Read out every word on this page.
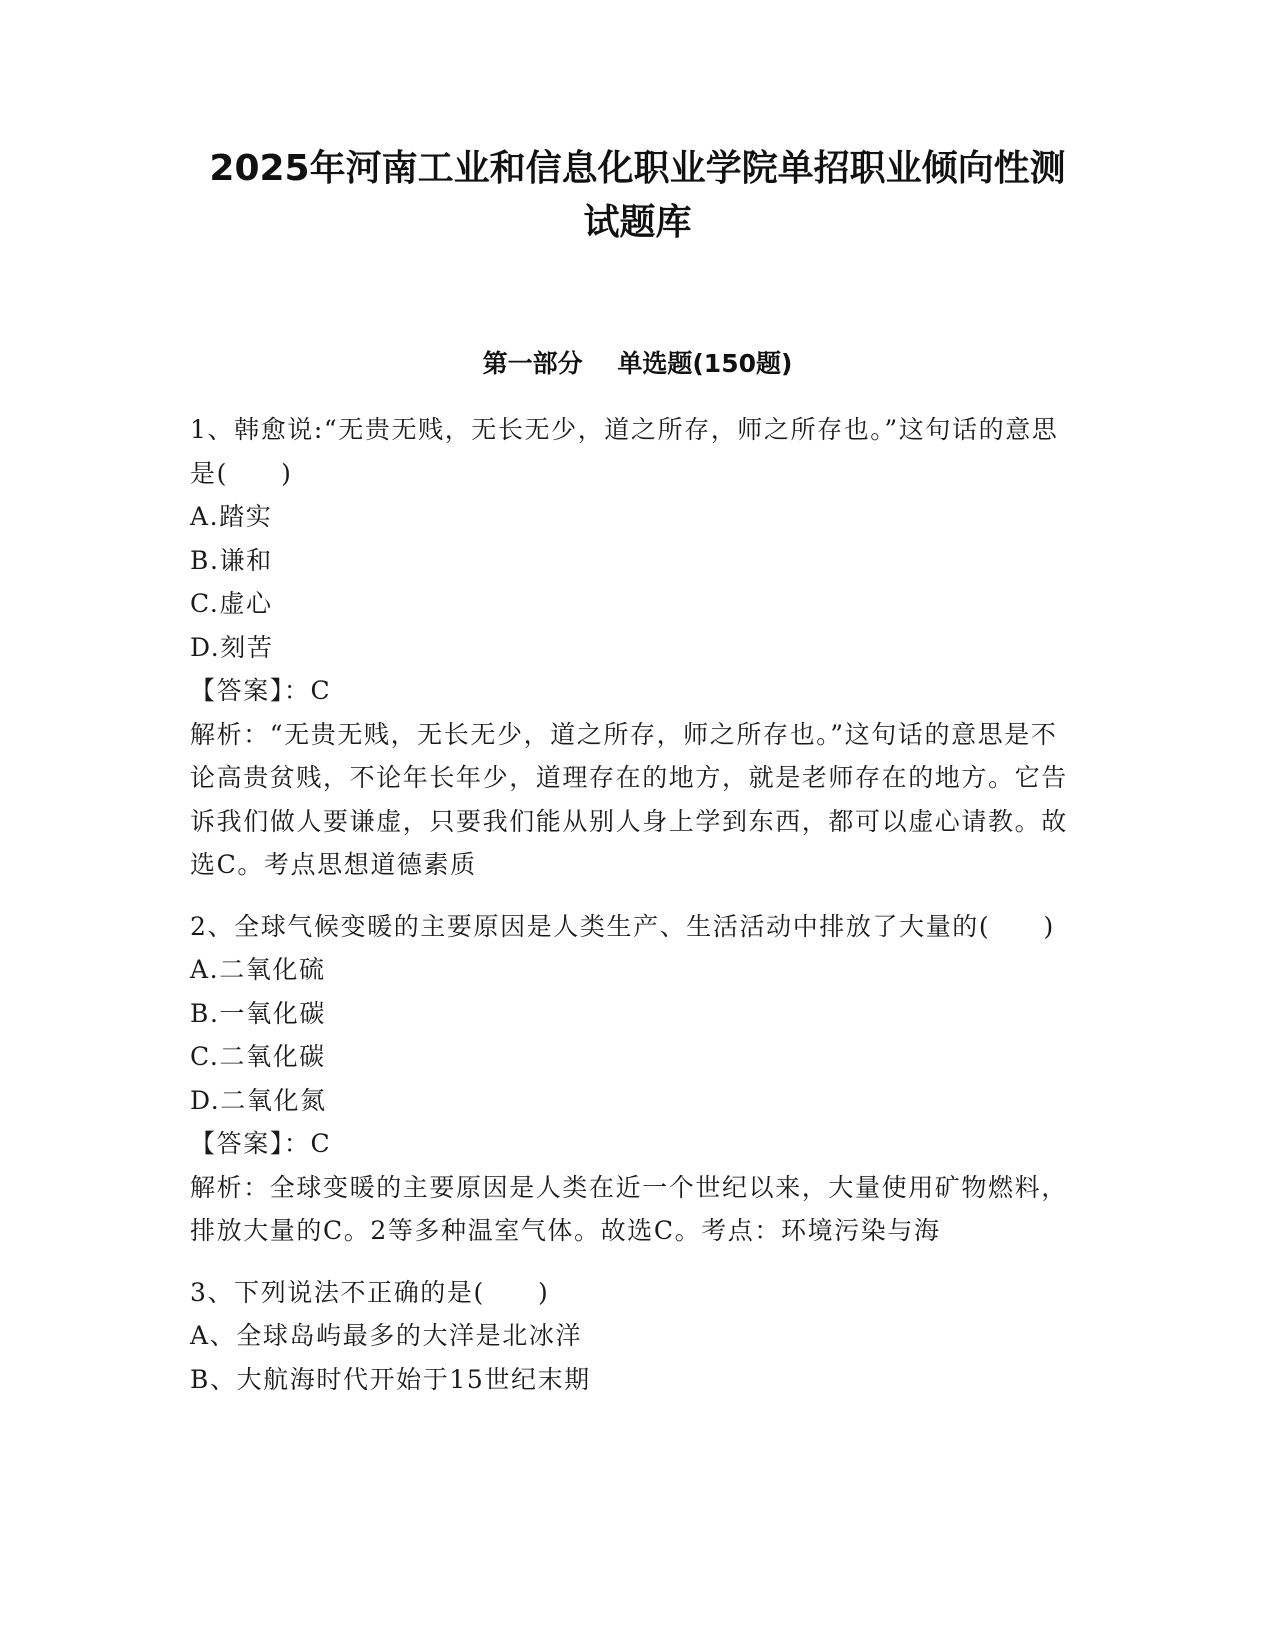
2025年河南工业和信息化职业学院单招职业倾向性测
试题库
第一部分    单选题(150题)
1、韩愈说:“无贵无贱，无长无少，道之所存，师之所存也。”这句话的意思是(　　)
A.踏实
B.谦和
C.虚心
D.刻苦
【答案】：C
解析：“无贵无贱，无长无少，道之所存，师之所存也。”这句话的意思是不论高贵贫贱，不论年长年少，道理存在的地方，就是老师存在的地方。它告诉我们做人要谦虚，只要我们能从别人身上学到东西，都可以虚心请教。故选C。考点思想道德素质
2、全球气候变暖的主要原因是人类生产、生活活动中排放了大量的(　　)
A.二氧化硫
B.一氧化碳
C.二氧化碳
D.二氧化氮
【答案】：C
解析：全球变暖的主要原因是人类在近一个世纪以来，大量使用矿物燃料，排放大量的C。2等多种温室气体。故选C。考点：环境污染与海
3、下列说法不正确的是(　　)
A、全球岛屿最多的大洋是北冰洋
B、大航海时代开始于15世纪末期
